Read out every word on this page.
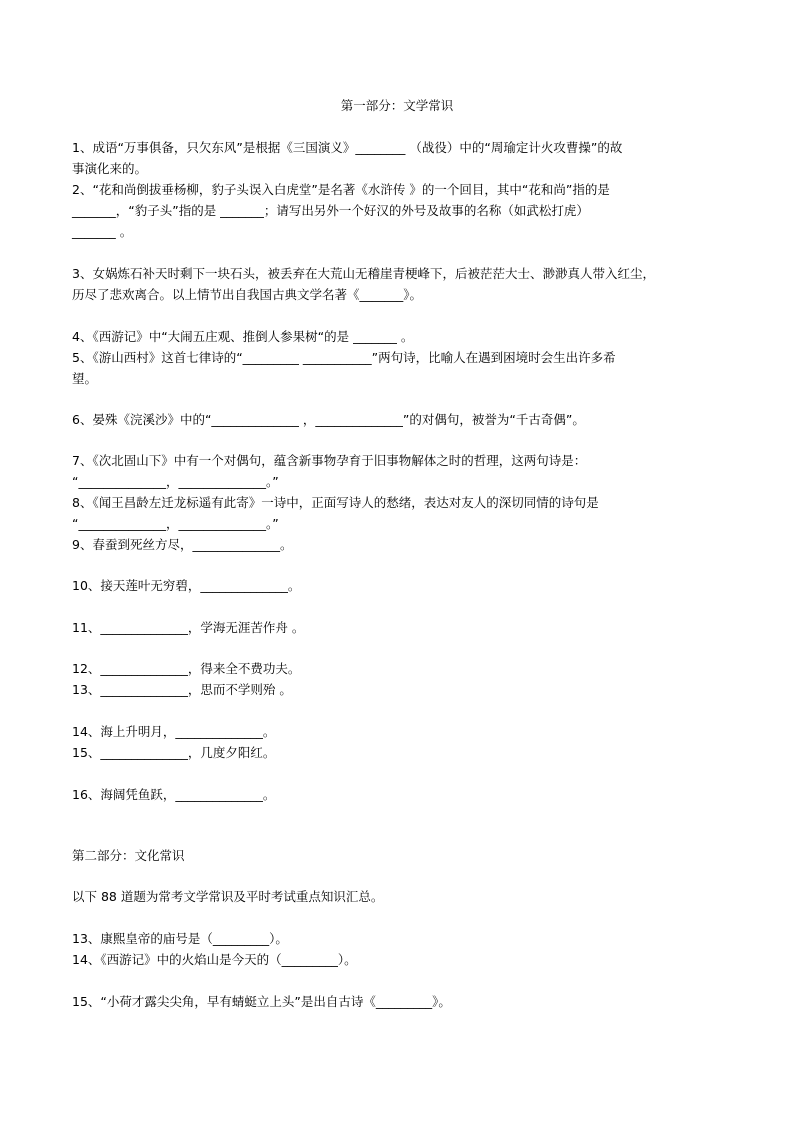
第一部分：文学常识
1、成语“万事俱备，只欠东风”是根据《三国演义》________ （战役）中的“周瑜定计火攻曹操”的故
事演化来的。
2、“花和尚倒拔垂杨柳，豹子头误入白虎堂”是名著《水浒传 》的一个回目，其中“花和尚”指的是
_______，“豹子头”指的是 _______；请写出另外一个好汉的外号及故事的名称（如武松打虎）
_______ 。
3、女娲炼石补天时剩下一块石头，被丢弃在大荒山无稽崖青梗峰下，后被茫茫大士、渺渺真人带入红尘，
历尽了悲欢离合。以上情节出自我国古典文学名著《_______》。
4、《西游记》中“大闹五庄观、推倒人参果树“的是 _______ 。
5、《游山西村》这首七律诗的“_________ ___________”两句诗，比喻人在遇到困境时会生出许多希
望。
6、晏殊《浣溪沙》中的“______________ ，______________”的对偶句，被誉为“千古奇偶”。
7、《次北固山下》中有一个对偶句，蕴含新事物孕育于旧事物解体之时的哲理，这两句诗是：
“______________，______________。”
8、《闻王昌龄左迁龙标遥有此寄》一诗中，正面写诗人的愁绪，表达对友人的深切同情的诗句是
“______________，______________。”
9、春蚕到死丝方尽，______________。
10、接天莲叶无穷碧，______________。
11、______________，学海无涯苦作舟 。
12、______________，得来全不费功夫。
13、______________，思而不学则殆 。
14、海上升明月，______________。
15、______________，几度夕阳红。
16、海阔凭鱼跃，______________。
第二部分：文化常识
以下 88 道题为常考文学常识及平时考试重点知识汇总。
13、康熙皇帝的庙号是（_________）。
14、《西游记》中的火焰山是今天的（_________）。
15、“小荷才露尖尖角，早有蜻蜓立上头”是出自古诗《_________》。
